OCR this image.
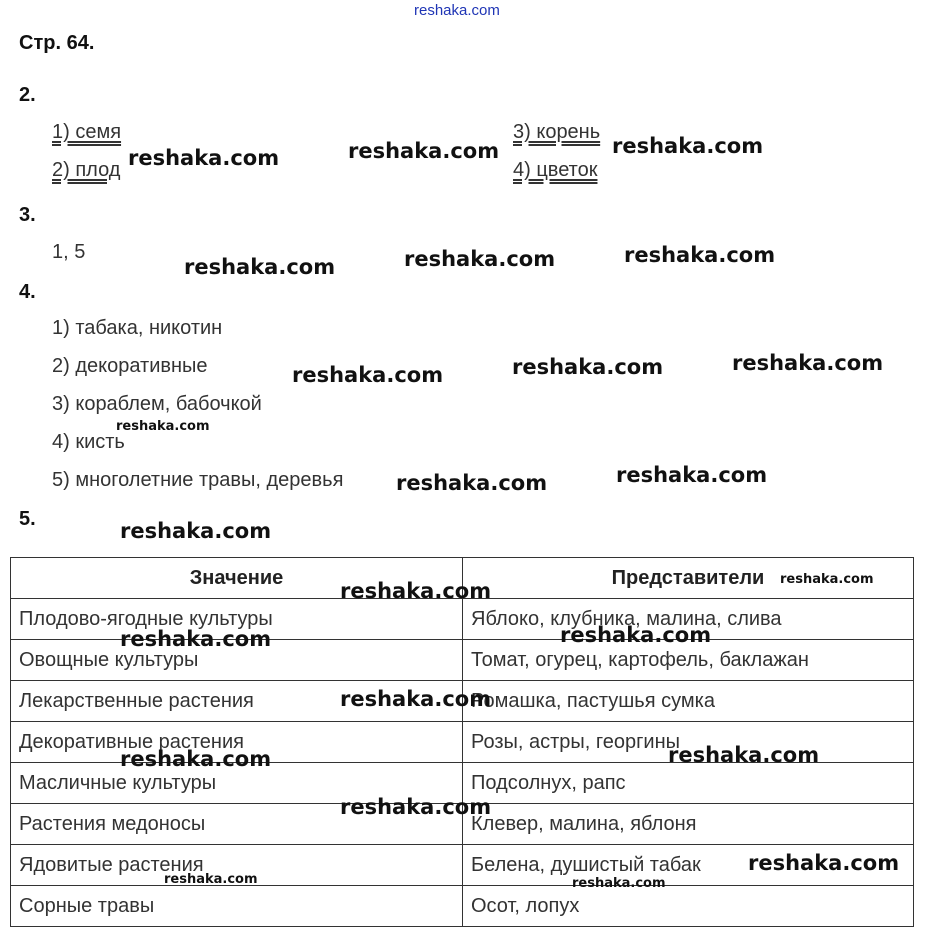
reshaka.com
Стр. 64.
2.
1) семя
2) плод
3) корень
4) цветок
3.
1, 5
4.
1) табака, никотин
2) декоративные
3) кораблем, бабочкой
4) кисть
5) многолетние травы, деревья
5.
Значение	Представители
Плодово-ягодные культуры	Яблоко, клубника, малина, слива
Овощные культуры	Томат, огурец, картофель, баклажан
Лекарственные растения	Ромашка, пастушья сумка
Декоративные растения	Розы, астры, георгины
Масличные культуры	Подсолнух, рапс
Растения медоносы	Клевер, малина, яблоня
Ядовитые растения	Белена, душистый табак
Сорные травы	Осот, лопух
reshaka.com	reshaka.com	reshaka.com
reshaka.com	reshaka.com	reshaka.com
reshaka.com	reshaka.com	reshaka.com
reshaka.com
reshaka.com	reshaka.com
reshaka.com
reshaka.com	reshaka.com
reshaka.com	reshaka.com
reshaka.com
reshaka.com	reshaka.com
reshaka.com
reshaka.com
reshaka.com	reshaka.com
